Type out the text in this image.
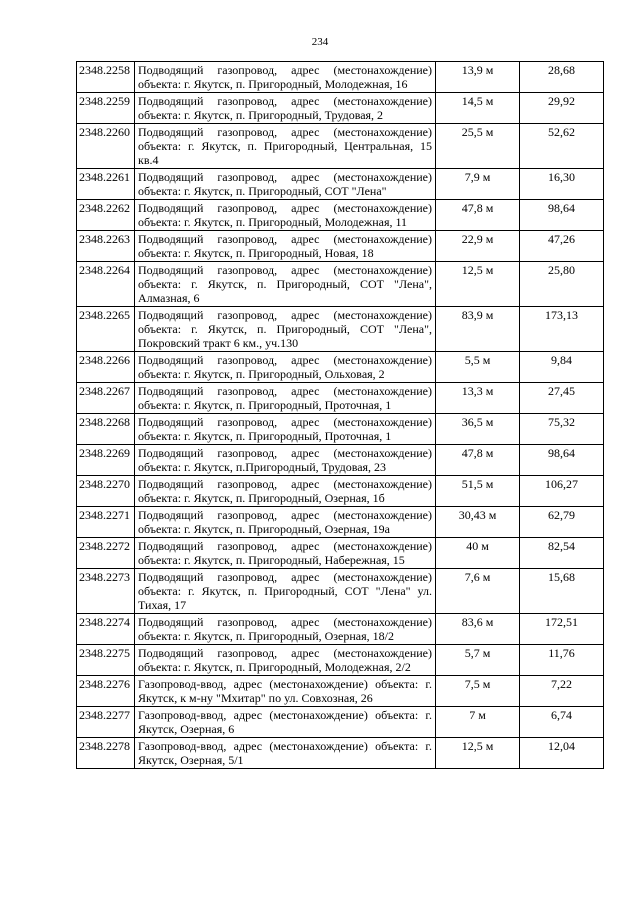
234
2348.2258	Подводящий газопровод, адрес (местонахождение) объекта: г. Якутск, п. Пригородный, Молодежная, 16	13,9 м	28,68
2348.2259	Подводящий газопровод, адрес (местонахождение) объекта: г. Якутск, п. Пригородный, Трудовая, 2	14,5 м	29,92
2348.2260	Подводящий газопровод, адрес (местонахождение) объекта: г. Якутск, п. Пригородный, Центральная, 15 кв.4	25,5 м	52,62
2348.2261	Подводящий газопровод, адрес (местонахождение) объекта: г. Якутск, п. Пригородный, СОТ "Лена"	7,9 м	16,30
2348.2262	Подводящий газопровод, адрес (местонахождение) объекта: г. Якутск, п. Пригородный, Молодежная, 11	47,8 м	98,64
2348.2263	Подводящий газопровод, адрес (местонахождение) объекта: г. Якутск, п. Пригородный, Новая, 18	22,9 м	47,26
2348.2264	Подводящий газопровод, адрес (местонахождение) объекта: г. Якутск, п. Пригородный, СОТ "Лена", Алмазная, 6	12,5 м	25,80
2348.2265	Подводящий газопровод, адрес (местонахождение) объекта: г. Якутск, п. Пригородный, СОТ "Лена", Покровский тракт 6 км., уч.130	83,9 м	173,13
2348.2266	Подводящий газопровод, адрес (местонахождение) объекта: г. Якутск, п. Пригородный, Ольховая, 2	5,5 м	9,84
2348.2267	Подводящий газопровод, адрес (местонахождение) объекта: г. Якутск, п. Пригородный, Проточная, 1	13,3 м	27,45
2348.2268	Подводящий газопровод, адрес (местонахождение) объекта: г. Якутск, п. Пригородный, Проточная, 1	36,5 м	75,32
2348.2269	Подводящий газопровод, адрес (местонахождение) объекта: г. Якутск, п.Пригородный, Трудовая, 23	47,8 м	98,64
2348.2270	Подводящий газопровод, адрес (местонахождение) объекта: г. Якутск, п. Пригородный, Озерная, 1б	51,5 м	106,27
2348.2271	Подводящий газопровод, адрес (местонахождение) объекта: г. Якутск, п. Пригородный, Озерная, 19а	30,43 м	62,79
2348.2272	Подводящий газопровод, адрес (местонахождение) объекта: г. Якутск, п. Пригородный, Набережная, 15	40 м	82,54
2348.2273	Подводящий газопровод, адрес (местонахождение) объекта: г. Якутск, п. Пригородный, СОТ "Лена" ул. Тихая, 17	7,6 м	15,68
2348.2274	Подводящий газопровод, адрес (местонахождение) объекта: г. Якутск, п. Пригородный, Озерная, 18/2	83,6 м	172,51
2348.2275	Подводящий газопровод, адрес (местонахождение) объекта: г. Якутск, п. Пригородный, Молодежная, 2/2	5,7 м	11,76
2348.2276	Газопровод-ввод, адрес (местонахождение) объекта: г. Якутск, к м-ну "Мхитар" по ул. Совхозная, 26	7,5 м	7,22
2348.2277	Газопровод-ввод, адрес (местонахождение) объекта: г. Якутск, Озерная, 6	7 м	6,74
2348.2278	Газопровод-ввод, адрес (местонахождение) объекта: г. Якутск, Озерная, 5/1	12,5 м	12,04
